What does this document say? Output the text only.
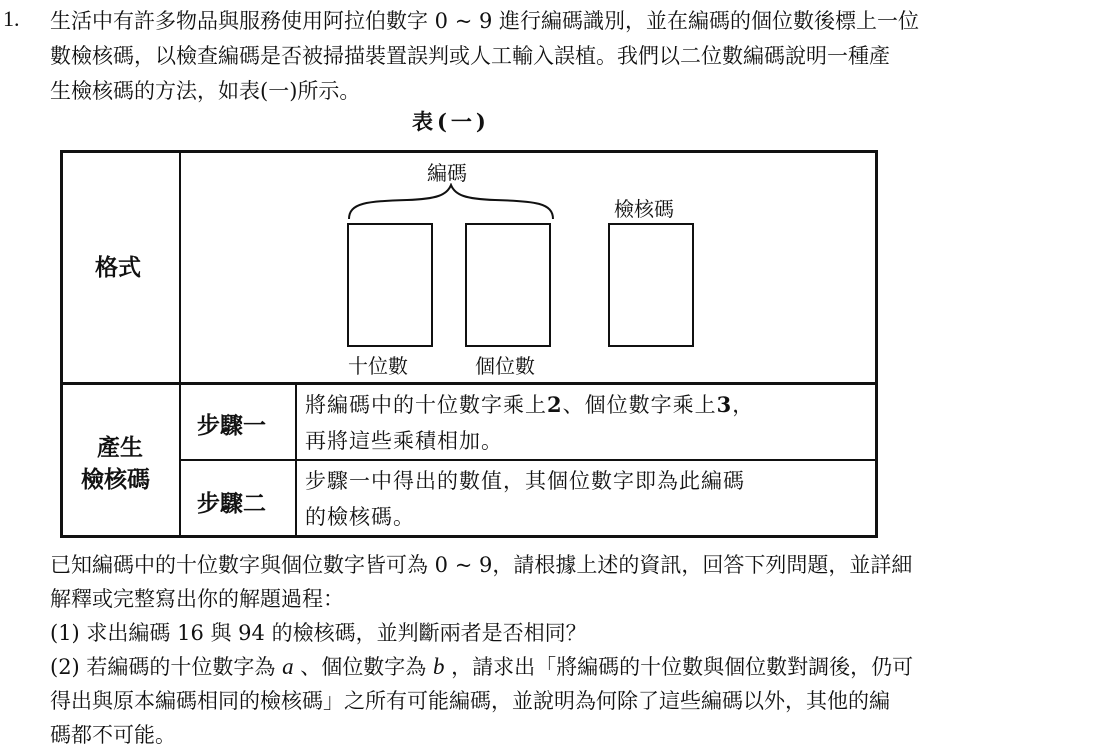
1. 生活中有許多物品與服務使用阿拉伯數字 0 ~ 9 進行編碼識別，並在編碼的個位數後標上一位
數檢核碼，以檢查編碼是否被掃描裝置誤判或人工輸入誤植。我們以二位數編碼說明一種產
生檢核碼的方法，如表(一)所示。
表(一)
格式
編碼
檢核碼
十位數	個位數
產生
檢核碼
步驟一
步驟二
將編碼中的十位數字乘上2、個位數字乘上3，
再將這些乘積相加。
步驟一中得出的數值，其個位數字即為此編碼
的檢核碼。
已知編碼中的十位數字與個位數字皆可為 0 ~ 9，請根據上述的資訊，回答下列問題，並詳細
解釋或完整寫出你的解題過程：
(1) 求出編碼 16 與 94 的檢核碼，並判斷兩者是否相同？
(2) 若編碼的十位數字為 a 、個位數字為 b ，請求出「將編碼的十位數與個位數對調後，仍可
得出與原本編碼相同的檢核碼」之所有可能編碼，並說明為何除了這些編碼以外，其他的編
碼都不可能。
